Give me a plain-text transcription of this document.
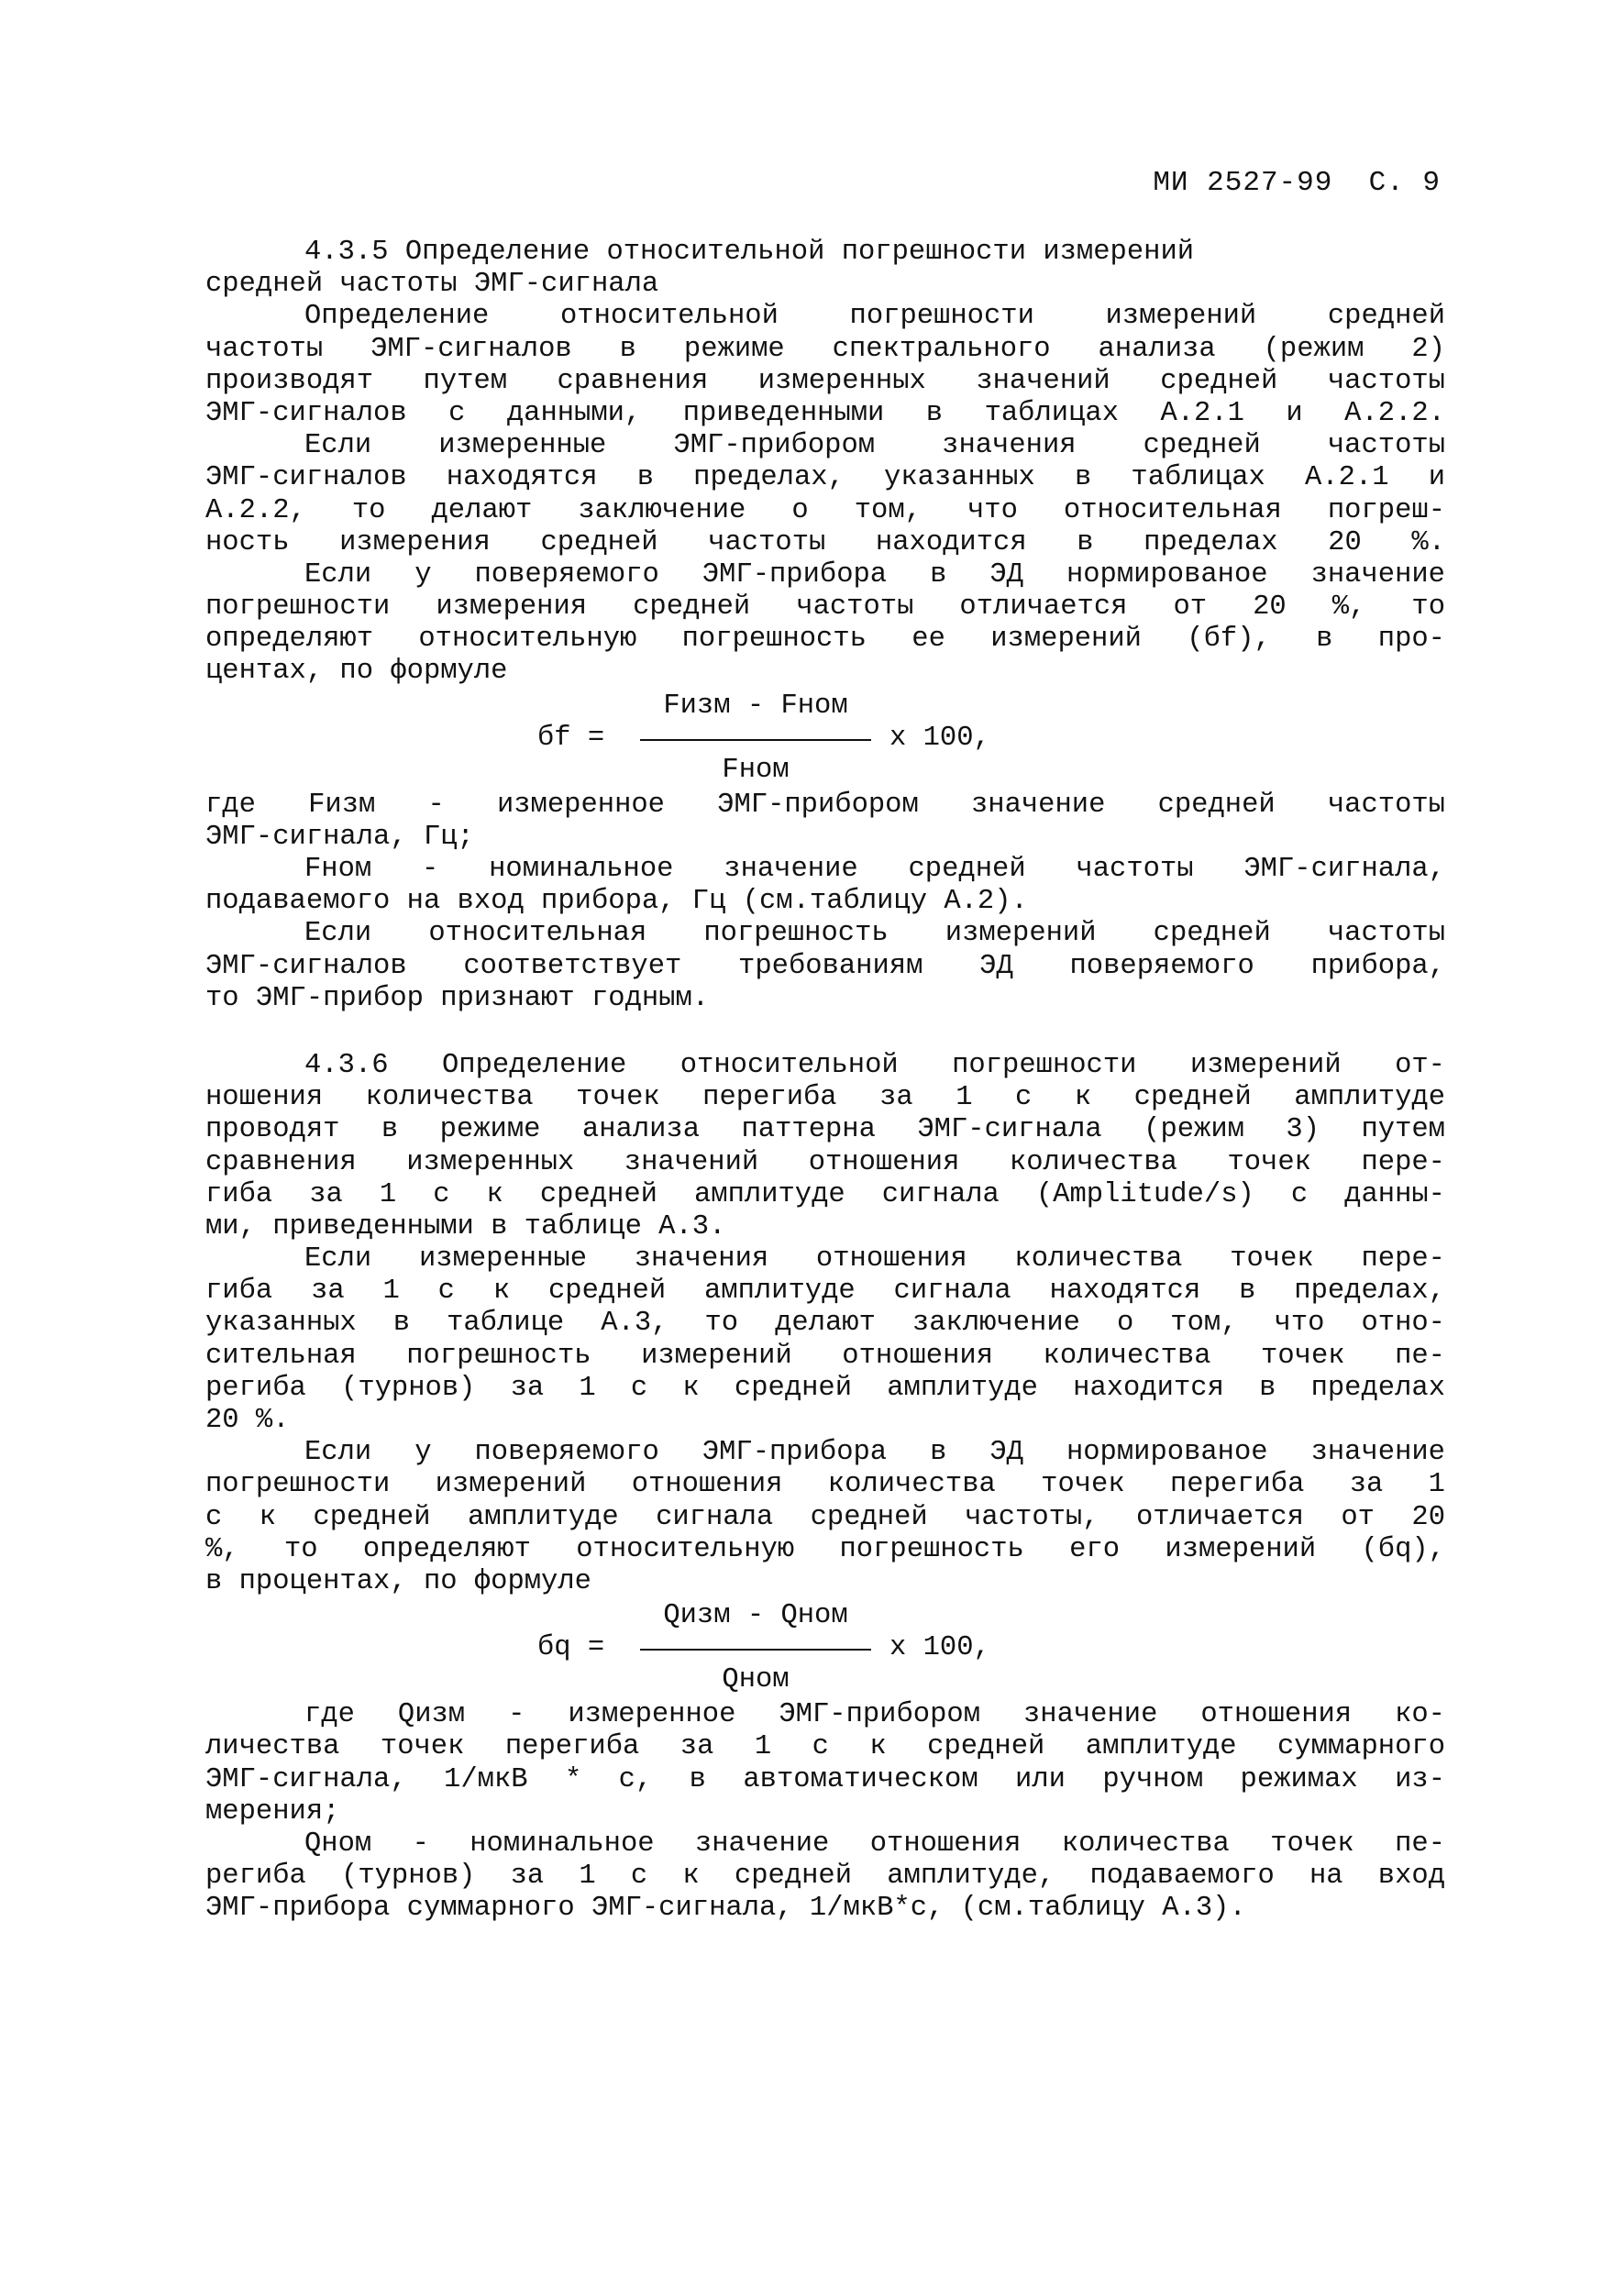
МИ 2527-99 С. 9
4.3.5 Определение относительной погрешности измерений
средней частоты ЭМГ-сигнала
Определение относительной погрешности измерений средней
частоты ЭМГ-сигналов в режиме спектрального анализа (режим 2)
производят путем сравнения измеренных значений средней частоты
ЭМГ-сигналов с данными, приведенными в таблицах А.2.1 и А.2.2.
Если измеренные ЭМГ-прибором значения средней частоты
ЭМГ-сигналов находятся в пределах, указанных в таблицах А.2.1 и
А.2.2, то делают заключение о том, что относительная погреш-
ность измерения средней частоты находится в пределах 20 %.
Если у поверяемого ЭМГ-прибора в ЭД нормированое значение
погрешности измерения средней частоты отличается от 20 %, то
определяют относительную погрешность ее измерений (бf), в про-
центах, по формуле
Fизм - Fном
бf =	x 100,
Fном
где Fизм - измеренное ЭМГ-прибором значение средней частоты
ЭМГ-сигнала, Гц;
Fном - номинальное значение средней частоты ЭМГ-сигнала,
подаваемого на вход прибора, Гц (см.таблицу А.2).
Если относительная погрешность измерений средней частоты
ЭМГ-сигналов соответствует требованиям ЭД поверяемого прибора,
то ЭМГ-прибор признают годным.
4.3.6 Определение относительной погрешности измерений от-
ношения количества точек перегиба за 1 с к средней амплитуде
проводят в режиме анализа паттерна ЭМГ-сигнала (режим 3) путем
сравнения измеренных значений отношения количества точек пере-
гиба за 1 с к средней амплитуде сигнала (Amplitude/s) с данны-
ми, приведенными в таблице А.3.
Если измеренные значения отношения количества точек пере-
гиба за 1 с к средней амплитуде сигнала находятся в пределах,
указанных в таблице А.3, то делают заключение о том, что отно-
сительная погрешность измерений отношения количества точек пе-
региба (турнов) за 1 с к средней амплитуде находится в пределах
20 %.
Если у поверяемого ЭМГ-прибора в ЭД нормированое значение
погрешности измерений отношения количества точек перегиба за 1
с к средней амплитуде сигнала средней частоты, отличается от 20
%, то определяют относительную погрешность его измерений (бq),
в процентах, по формуле
Qизм - Qном
бq =	x 100,
Qном
где Qизм - измеренное ЭМГ-прибором значение отношения ко-
личества точек перегиба за 1 с к средней амплитуде суммарного
ЭМГ-сигнала, 1/мкВ * с, в автоматическом или ручном режимах из-
мерения;
Qном - номинальное значение отношения количества точек пе-
региба (турнов) за 1 с к средней амплитуде, подаваемого на вход
ЭМГ-прибора суммарного ЭМГ-сигнала, 1/мкВ*с, (см.таблицу А.3).
